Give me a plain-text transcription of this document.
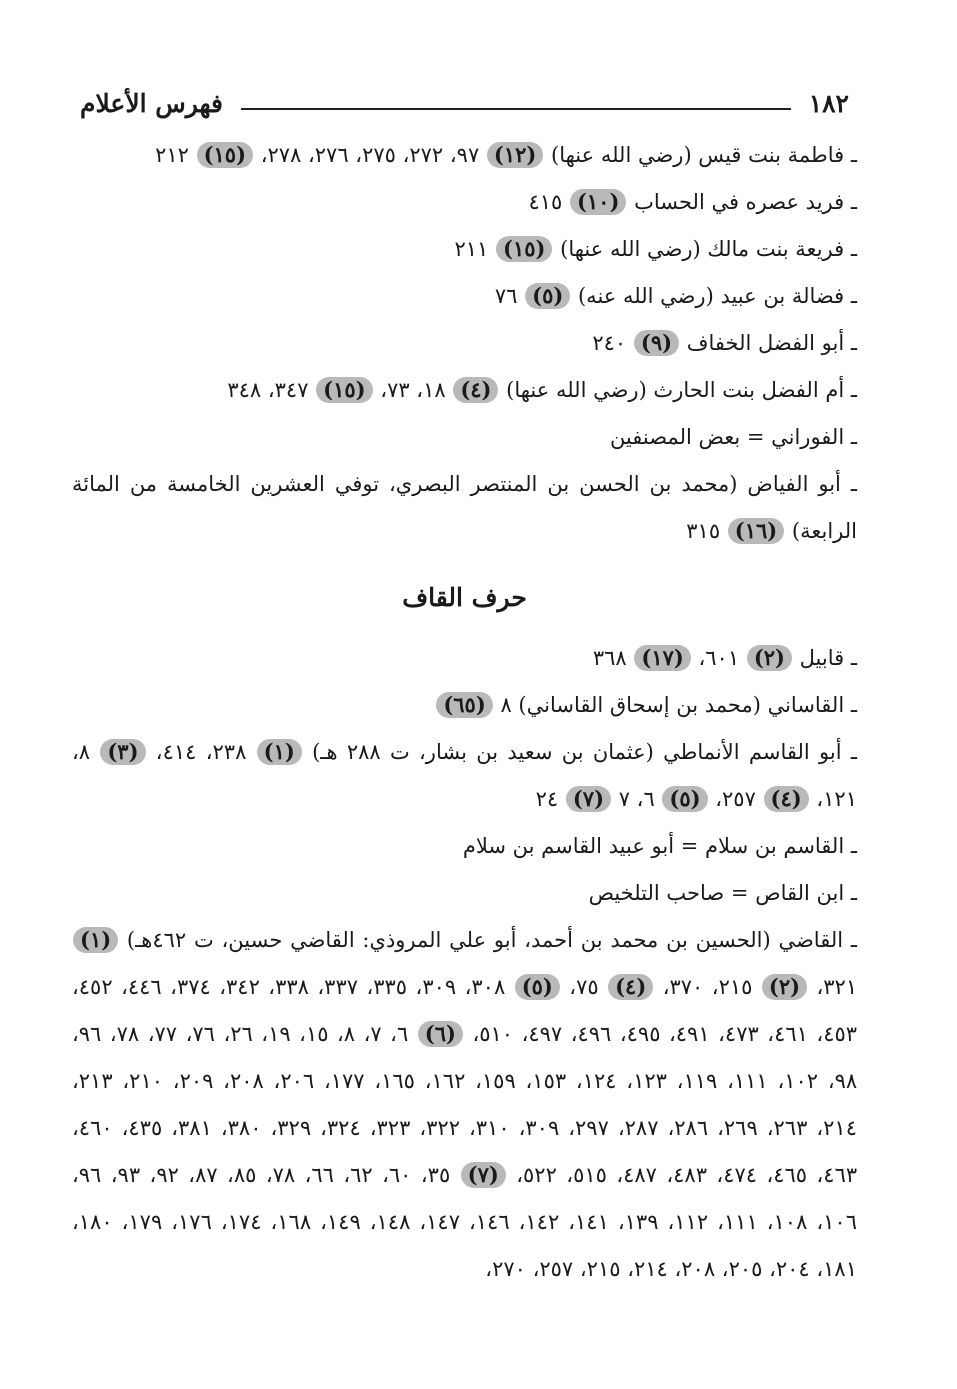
١٨٢
فهرس الأعلام
ـ فاطمة بنت قيس (رضي الله عنها) (١٢) ٩٧، ٢٧٢، ٢٧٥، ٢٧٦، ٢٧٨، (١٥) ٢١٢
ـ فريد عصره في الحساب (١٠) ٤١٥
ـ فريعة بنت مالك (رضي الله عنها) (١٥) ٢١١
ـ فضالة بن عبيد (رضي الله عنه) (٥) ٧٦
ـ أبو الفضل الخفاف (٩) ٢٤٠
ـ أم الفضل بنت الحارث (رضي الله عنها) (٤) ١٨، ٧٣، (١٥) ٣٤٧، ٣٤٨
ـ الفوراني = بعض المصنفين
ـ أبو الفياض (محمد بن الحسن بن المنتصر البصري، توفي العشرين الخامسة من المائة الرابعة) (١٦) ٣١٥
حرف القاف
ـ قابيل (٢) ٦٠١، (١٧) ٣٦٨
ـ القاساني (محمد بن إسحاق القاساني) ٨ (٦٥)
ـ أبو القاسم الأنماطي (عثمان بن سعيد بن بشار، ت ٢٨٨ هـ) (١) ٢٣٨، ٤١٤، (٣) ٨، ١٢١، (٤) ٢٥٧، (٥) ٦، ٧ (٧) ٢٤
ـ القاسم بن سلام = أبو عبيد القاسم بن سلام
ـ ابن القاص = صاحب التلخيص
ـ القاضي (الحسين بن محمد بن أحمد، أبو علي المروذي: القاضي حسين، ت ٤٦٢هـ) (١) ٣٢١، (٢) ٢١٥، ٣٧٠، (٤) ٧٥، (٥) ٣٠٨، ٣٠٩، ٣٣٥، ٣٣٧، ٣٣٨، ٣٤٢، ٣٧٤، ٤٤٦، ٤٥٢، ٤٥٣، ٤٦١، ٤٧٣، ٤٩١، ٤٩٥، ٤٩٦، ٤٩٧، ٥١٠، (٦) ٦، ٧، ٨، ١٥، ١٩، ٢٦، ٧٦، ٧٧، ٧٨، ٩٦، ٩٨، ١٠٢، ١١١، ١١٩، ١٢٣، ١٢٤، ١٥٣، ١٥٩، ١٦٢، ١٦٥، ١٧٧، ٢٠٦، ٢٠٨، ٢٠٩، ٢١٠، ٢١٣، ٢١٤، ٢٦٣، ٢٦٩، ٢٨٦، ٢٨٧، ٢٩٧، ٣٠٩، ٣١٠، ٣٢٢، ٣٢٣، ٣٢٤، ٣٢٩، ٣٨٠، ٣٨١، ٤٣٥، ٤٦٠، ٤٦٣، ٤٦٥، ٤٧٤، ٤٨٣، ٤٨٧، ٥١٥، ٥٢٢، (٧) ٣٥، ٦٠، ٦٢، ٦٦، ٧٨، ٨٥، ٨٧، ٩٢، ٩٣، ٩٦، ١٠٦، ١٠٨، ١١١، ١١٢، ١٣٩، ١٤١، ١٤٢، ١٤٦، ١٤٧، ١٤٨، ١٤٩، ١٦٨، ١٧٤، ١٧٦، ١٧٩، ١٨٠، ١٨١، ٢٠٤، ٢٠٥، ٢٠٨، ٢١٤، ٢١٥، ٢٥٧، ٢٧٠،
